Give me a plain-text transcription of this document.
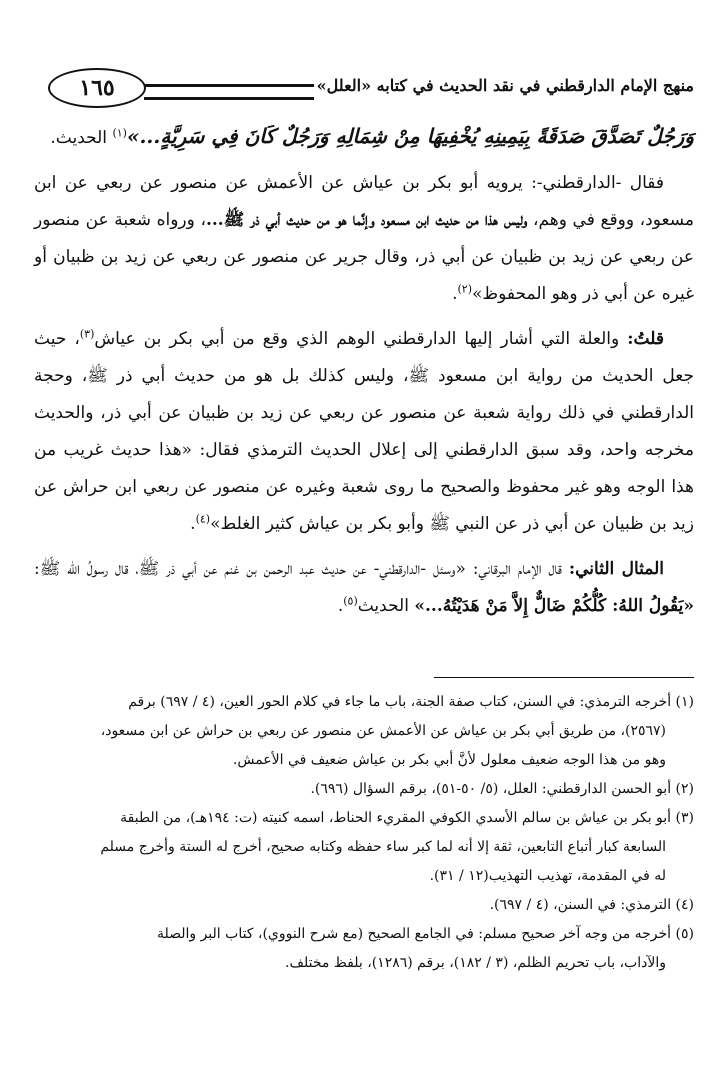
منهج الإمام الدارقطني في نقد الحديث في كتابه «العلل»
١٦٥

وَرَجُلٌ تَصَدَّقَ صَدَقَةً بِيَمِينِهِ يُخْفِيهَا مِنْ شِمَالِهِ وَرَجُلٌ كَانَ فِي سَرِيَّةٍ...»$^{(١)}$ الحديث.

فقال -الدارقطني-: يرويه أبو بكر بن عياش عن الأعمش عن منصور عن ربعي عن ابن مسعود، ووقع في وهم، وليس هذا من حديث ابن مسعود وإنَّما هو من حديث أبي ذر ﷺ...، ورواه شعبة عن منصور عن ربعي عن زيد بن ظبيان عن أبي ذر، وقال جرير عن منصور عن ربعي عن زيد بن ظبيان أو غيره عن أبي ذر وهو المحفوظ»$^{(٢)}$.

قلتُ: والعلة التي أشار إليها الدارقطني الوهم الذي وقع من أبي بكر بن عياش$^{(٣)}$، حيث جعل الحديث من رواية ابن مسعود ﷺ، وليس كذلك بل هو من حديث أبي ذر ﷺ، وحجة الدارقطني في ذلك رواية شعبة عن منصور عن ربعي عن زيد بن ظبيان عن أبي ذر، والحديث مخرجه واحد، وقد سبق الدارقطني إلى إعلال الحديث الترمذي فقال: «هذا حديث غريب من هذا الوجه وهو غير محفوظ والصحيح ما روى شعبة وغيره عن منصور عن ربعي ابن حراش عن زيد بن ظبيان عن أبي ذر عن النبي ﷺ وأبو بكر بن عياش كثير الغلط»$^{(٤)}$.

المثال الثاني: قال الإمام البرقاني: «وسئل -الدارقطني- عن حديث عبد الرحمن بن غنم عن أبي ذر ﷺ، قال رسولُ الله ﷺ: «يَقُولُ اللهُ: كُلُّكُمْ ضَالٌّ إِلاَّ مَنْ هَدَيْتُهُ...» الحديث$^{(٥)}$.

(١) أخرجه الترمذي: في السنن، كتاب صفة الجنة، باب ما جاء في كلام الحور العين، (٤ / ٦٩٧) برقم

(٢٥٦٧)، من طريق أبي بكر بن عياش عن الأعمش عن منصور عن ربعي بن حراش عن ابن مسعود،

وهو من هذا الوجه ضعيف معلول لأنَّ أبي بكر بن عياش ضعيف في الأعمش.

(٢) أبو الحسن الدارقطني: العلل، (٥/ ٥٠-٥١)، برقم السؤال (٦٩٦).

(٣) أبو بكر بن عياش بن سالم الأسدي الكوفي المقريء الحناط، اسمه كنيته (ت: ١٩٤هـ)، من الطبقة

السابعة كبار أتباع التابعين، ثقة إلا أنه لما كبر ساء حفظه وكتابه صحيح، أخرج له الستة وأخرج مسلم

له في المقدمة، تهذيب التهذيب(١٢ / ٣١).

(٤) الترمذي: في السنن، (٤ / ٦٩٧).

(٥) أخرجه من وجه آخر صحيح مسلم: في الجامع الصحيح (مع شرح النووي)، كتاب البر والصلة

والآداب، باب تحريم الظلم، (٣ / ١٨٢)، برقم (١٢٨٦)، بلفظ مختلف.
